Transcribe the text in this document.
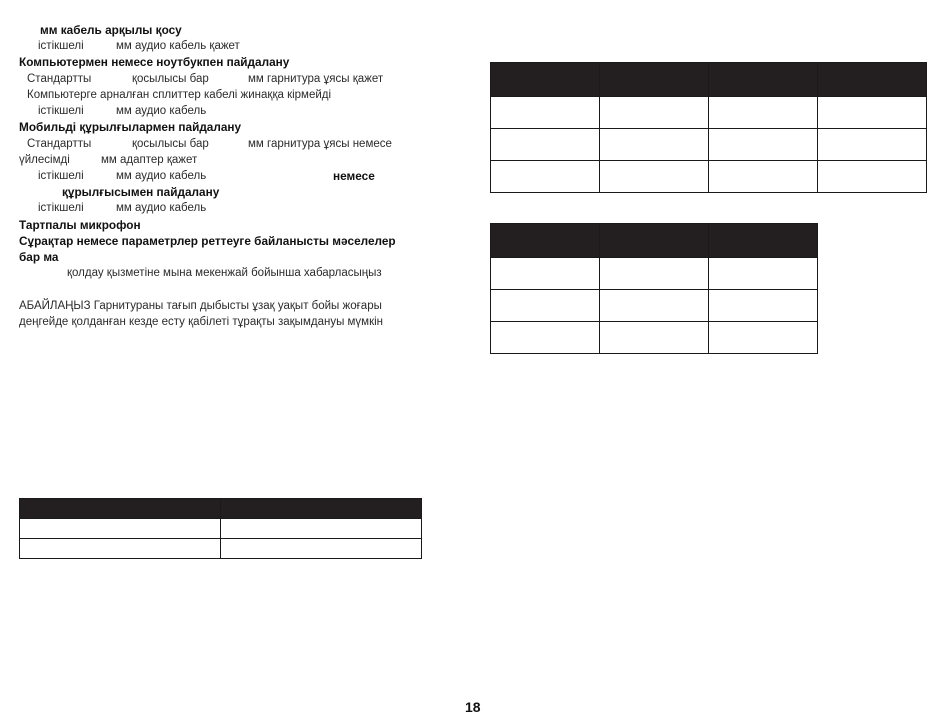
мм кабель арқылы қосу
істікшелі	мм аудио кабель қажет
Компьютермен немесе ноутбукпен пайдалану
Стандартты	қосылысы бар	мм гарнитура ұясы қажет
Компьютерге арналған сплиттер кабелі жинаққа кірмейді
істікшелі	мм аудио кабель
Мобильді құрылғылармен пайдалану
Стандартты	қосылысы бар	мм гарнитура ұясы немесе
үйлесімді	мм адаптер қажет
істікшелі	мм аудио кабель	немесе
құрылғысымен пайдалану
істікшелі	мм аудио кабель
Тартпалы микрофон
Сұрақтар немесе параметрлер реттеуге байланысты мәселелер
бар ма
қолдау қызметіне мына мекенжай бойынша хабарласыңыз
АБАЙЛАҢЫЗ Гарнитураны тағып дыбысты ұзақ уақыт бойы жоғары
деңгейде қолданған кезде есту қабілеті тұрақты зақымдануы мүмкін

18
